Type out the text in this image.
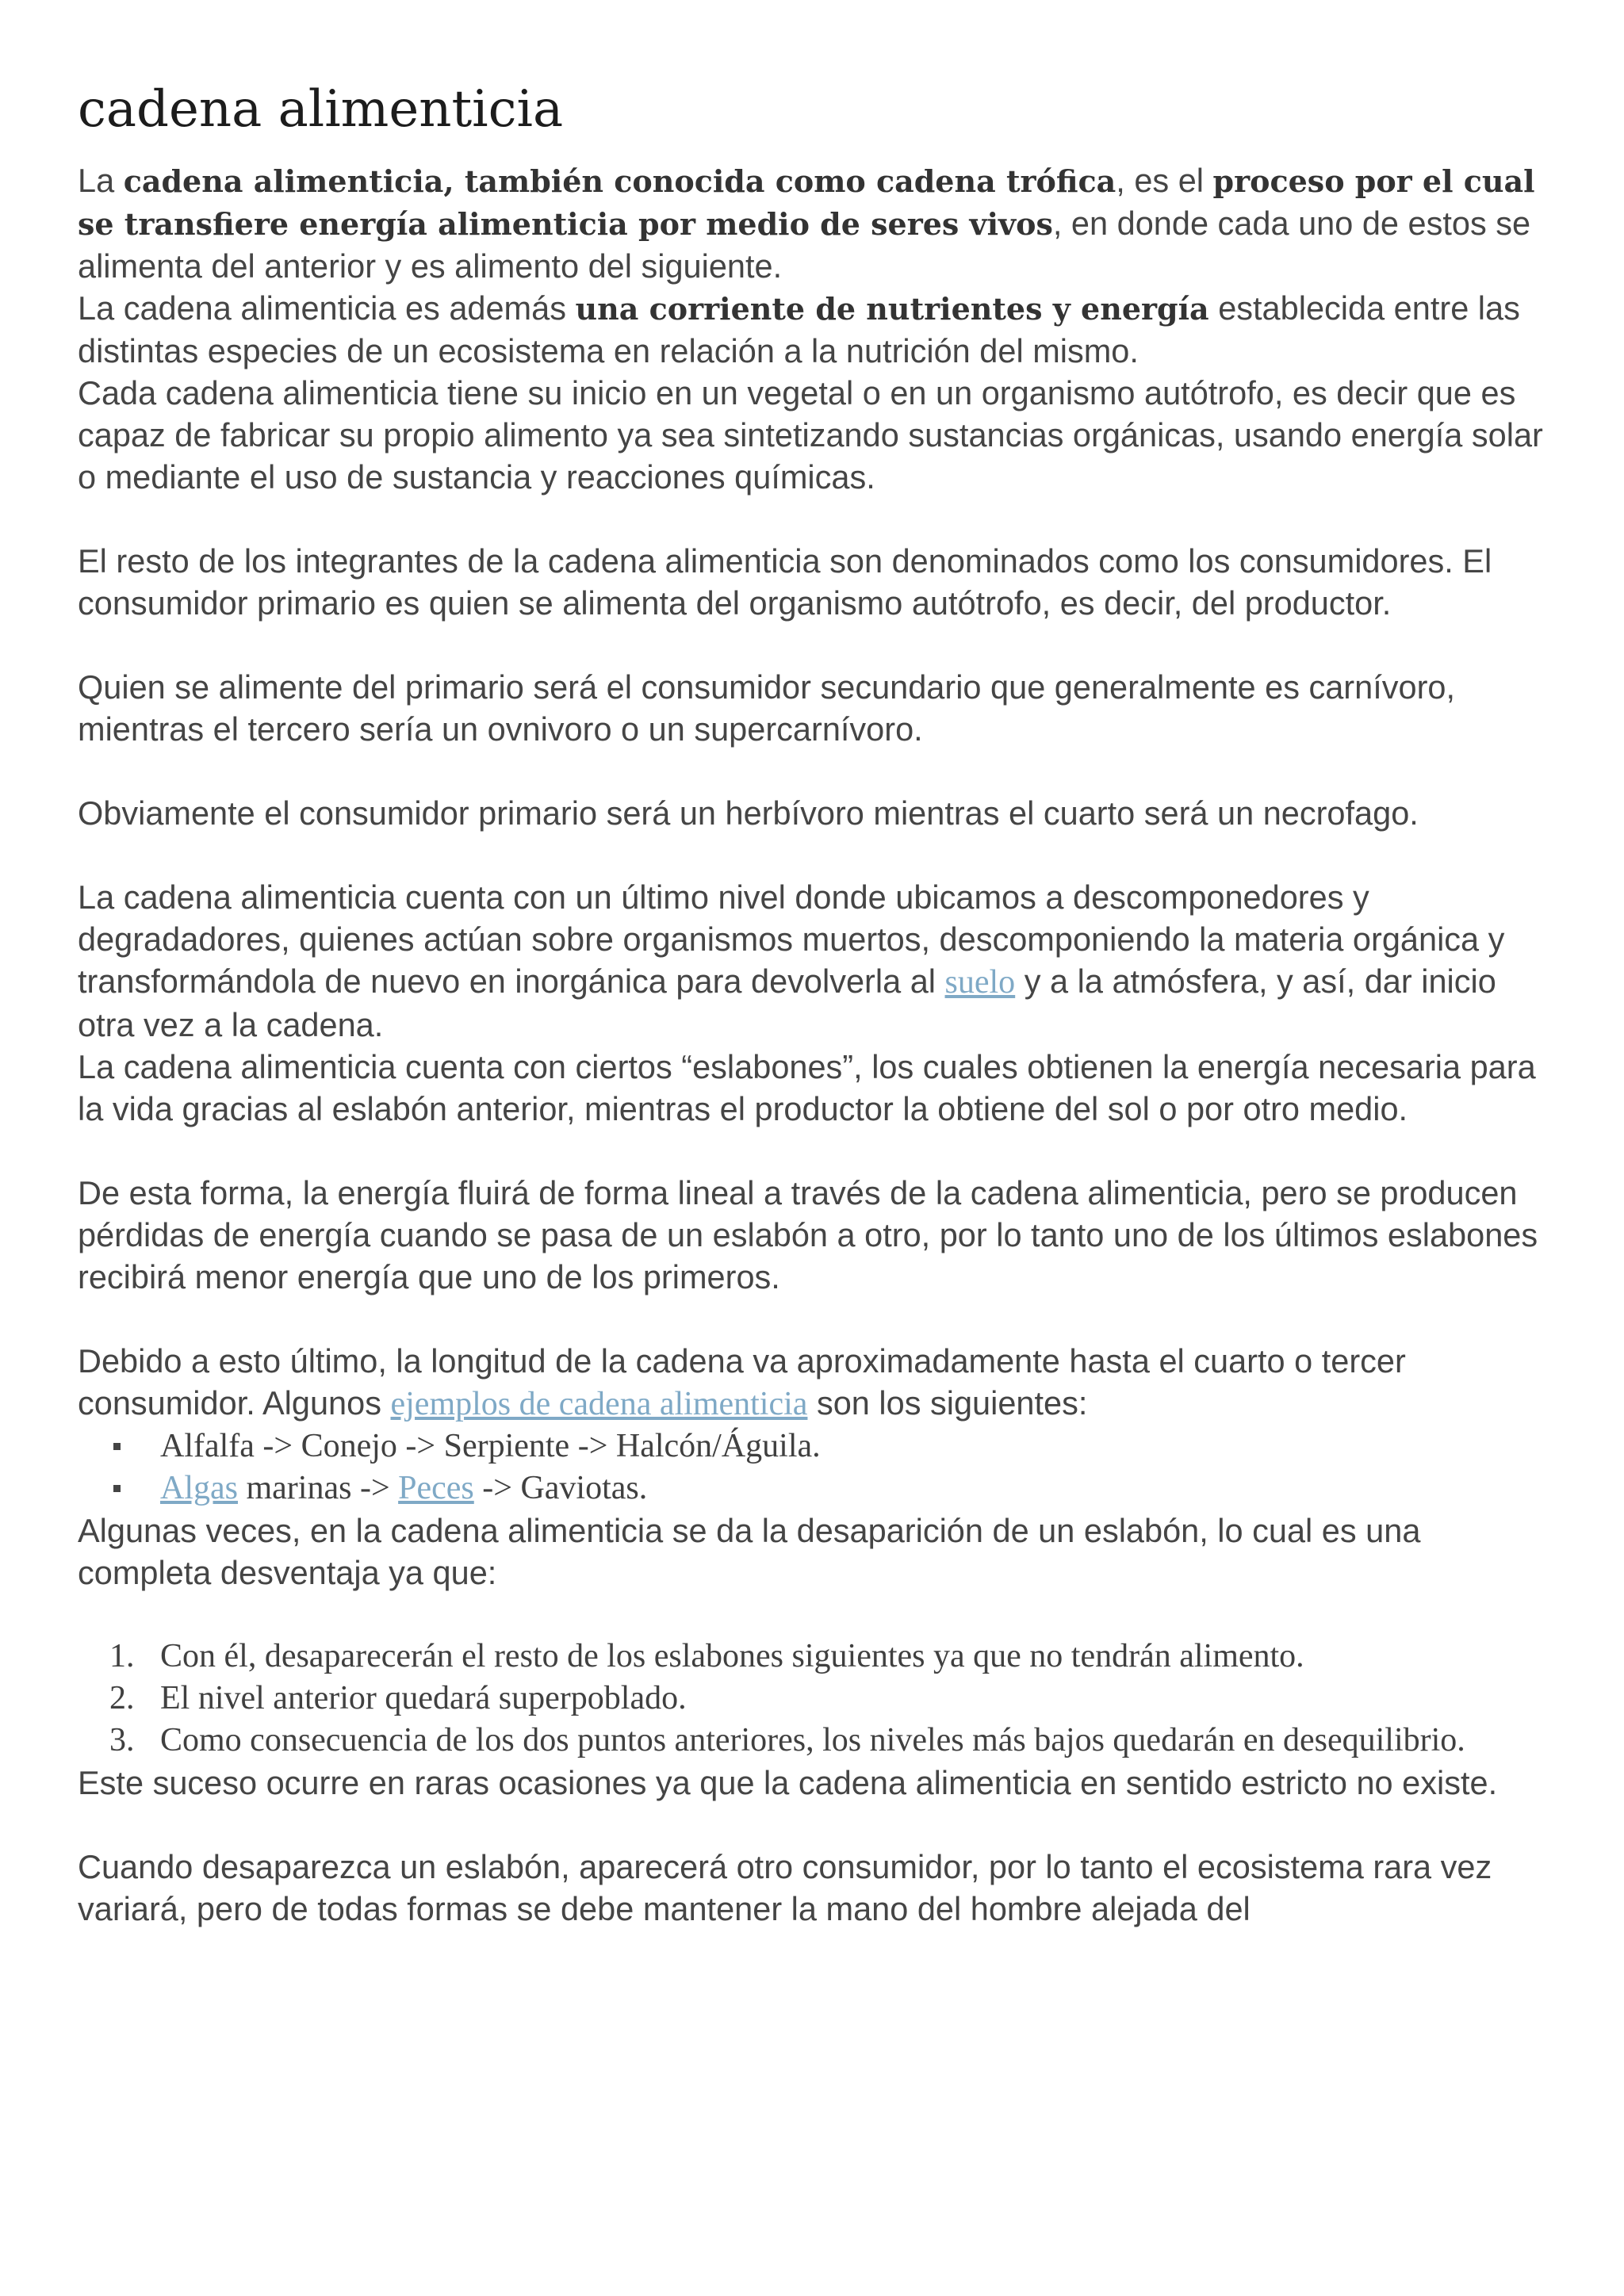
cadena alimenticia

La cadena alimenticia, también conocida como cadena trófica, es el proceso por el cual se transfiere energía alimenticia por medio de seres vivos, en donde cada uno de estos se alimenta del anterior y es alimento del siguiente.

La cadena alimenticia es además una corriente de nutrientes y energía establecida entre las distintas especies de un ecosistema en relación a la nutrición del mismo.

Cada cadena alimenticia tiene su inicio en un vegetal o en un organismo autótrofo, es decir que es capaz de fabricar su propio alimento ya sea sintetizando sustancias orgánicas, usando energía solar o mediante el uso de sustancia y reacciones químicas.

El resto de los integrantes de la cadena alimenticia son denominados como los consumidores. El consumidor primario es quien se alimenta del organismo autótrofo, es decir, del productor.

Quien se alimente del primario será el consumidor secundario que generalmente es carnívoro, mientras el tercero sería un ovnivoro o un supercarnívoro.

Obviamente el consumidor primario será un herbívoro mientras el cuarto será un necrofago.

La cadena alimenticia cuenta con un último nivel donde ubicamos a descomponedores y degradadores, quienes actúan sobre organismos muertos, descomponiendo la materia orgánica y transformándola de nuevo en inorgánica para devolverla al suelo y a la atmósfera, y así, dar inicio otra vez a la cadena.

La cadena alimenticia cuenta con ciertos “eslabones”, los cuales obtienen la energía necesaria para la vida gracias al eslabón anterior, mientras el productor la obtiene del sol o por otro medio.

De esta forma, la energía fluirá de forma lineal a través de la cadena alimenticia, pero se producen pérdidas de energía cuando se pasa de un eslabón a otro, por lo tanto uno de los últimos eslabones recibirá menor energía que uno de los primeros.

Debido a esto último, la longitud de la cadena va aproximadamente hasta el cuarto o tercer consumidor. Algunos ejemplos de cadena alimenticia son los siguientes:

Alfalfa -> Conejo -> Serpiente -> Halcón/Águila.
Algas marinas -> Peces -> Gaviotas.

Algunas veces, en la cadena alimenticia se da la desaparición de un eslabón, lo cual es una completa desventaja ya que:

1. Con él, desaparecerán el resto de los eslabones siguientes ya que no tendrán alimento.
2. El nivel anterior quedará superpoblado.
3. Como consecuencia de los dos puntos anteriores, los niveles más bajos quedarán en desequilibrio.

Este suceso ocurre en raras ocasiones ya que la cadena alimenticia en sentido estricto no existe.

Cuando desaparezca un eslabón, aparecerá otro consumidor, por lo tanto el ecosistema rara vez variará, pero de todas formas se debe mantener la mano del hombre alejada del
